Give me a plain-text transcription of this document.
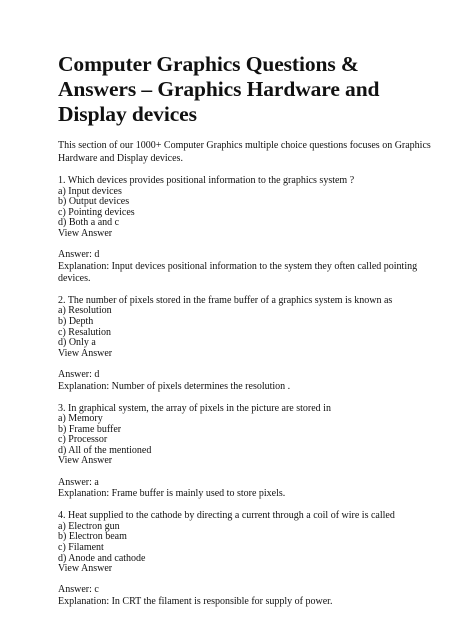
Computer Graphics Questions & Answers – Graphics Hardware and Display devices
This section of our 1000+ Computer Graphics multiple choice questions focuses on Graphics Hardware and Display devices.
1. Which devices provides positional information to the graphics system ?
a) Input devices
b) Output devices
c) Pointing devices
d) Both a and c
View Answer
Answer: d
Explanation: Input devices positional information to the system they often called pointing devices.
2. The number of pixels stored in the frame buffer of a graphics system is known as
a) Resolution
b) Depth
c) Resalution
d) Only a
View Answer
Answer: d
Explanation: Number of pixels determines the resolution .
3. In graphical system, the array of pixels in the picture are stored in
a) Memory
b) Frame buffer
c) Processor
d) All of the mentioned
View Answer
Answer: a
Explanation: Frame buffer is mainly used to store pixels.
4. Heat supplied to the cathode by directing a current through a coil of wire is called
a) Electron gun
b) Electron beam
c) Filament
d) Anode and cathode
View Answer
Answer: c
Explanation: In CRT the filament is responsible for supply of power.
